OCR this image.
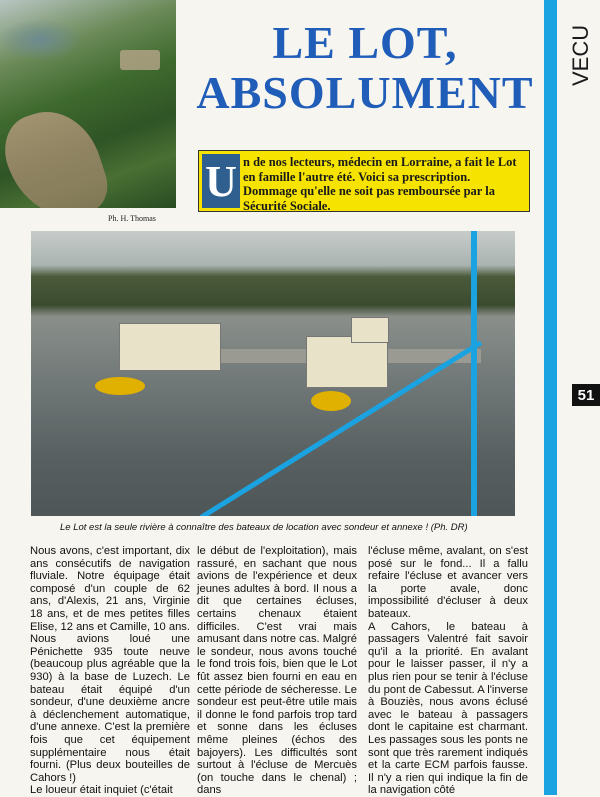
Ph. H. Thomas
LE LOT,
ABSOLUMENT
VECU
51
n de nos lecteurs, médecin en Lorraine, a fait le Lot en famille l'autre été. Voici sa prescription. Dommage qu'elle ne soit pas remboursée par la Sécurité Sociale.
U
Le Lot est la seule rivière à connaître des bateaux de location avec sondeur et annexe ! (Ph. DR)

Nous avons, c'est important, dix ans consécutifs de navigation fluviale. Notre équipage était composé d'un couple de 62 ans, d'Alexis, 21 ans, Virginie 18 ans, et de mes petites filles Elise, 12 ans et Camille, 10 ans. Nous avions loué une Pénichette 935 toute neuve (beaucoup plus agréable que la 930) à la base de Luzech. Le bateau était équipé d'un sondeur, d'une deuxième ancre à déclenchement automatique, d'une annexe. C'est la première fois que cet équipement supplémentaire nous était fourni. (Plus deux bouteilles de Cahors !)

Le loueur était inquiet (c'était

le début de l'exploitation), mais rassuré, en sachant que nous avions de l'expérience et deux jeunes adultes à bord. Il nous a dit que certaines écluses, certains chenaux étaient difficiles. C'est vrai mais amusant dans notre cas. Malgré le sondeur, nous avons touché le fond trois fois, bien que le Lot fût assez bien fourni en eau en cette période de sécheresse. Le sondeur est peut-être utile mais il donne le fond parfois trop tard et sonne dans les écluses même pleines (échos des bajoyers). Les difficultés sont surtout à l'écluse de Mercuès (on touche dans le chenal) ; dans

l'écluse même, avalant, on s'est posé sur le fond... Il a fallu refaire l'écluse et avancer vers la porte avale, donc impossibilité d'écluser à deux bateaux.

A Cahors, le bateau à passagers Valentré fait savoir qu'il a la priorité. En avalant pour le laisser passer, il n'y a plus rien pour se tenir à l'écluse du pont de Cabessut. A l'inverse à Bouziès, nous avons éclusé avec le bateau à passagers dont le capitaine est charmant. Les passages sous les ponts ne sont que très rarement indiqués et la carte ECM parfois fausse. Il n'y a rien qui indique la fin de la navigation côté
